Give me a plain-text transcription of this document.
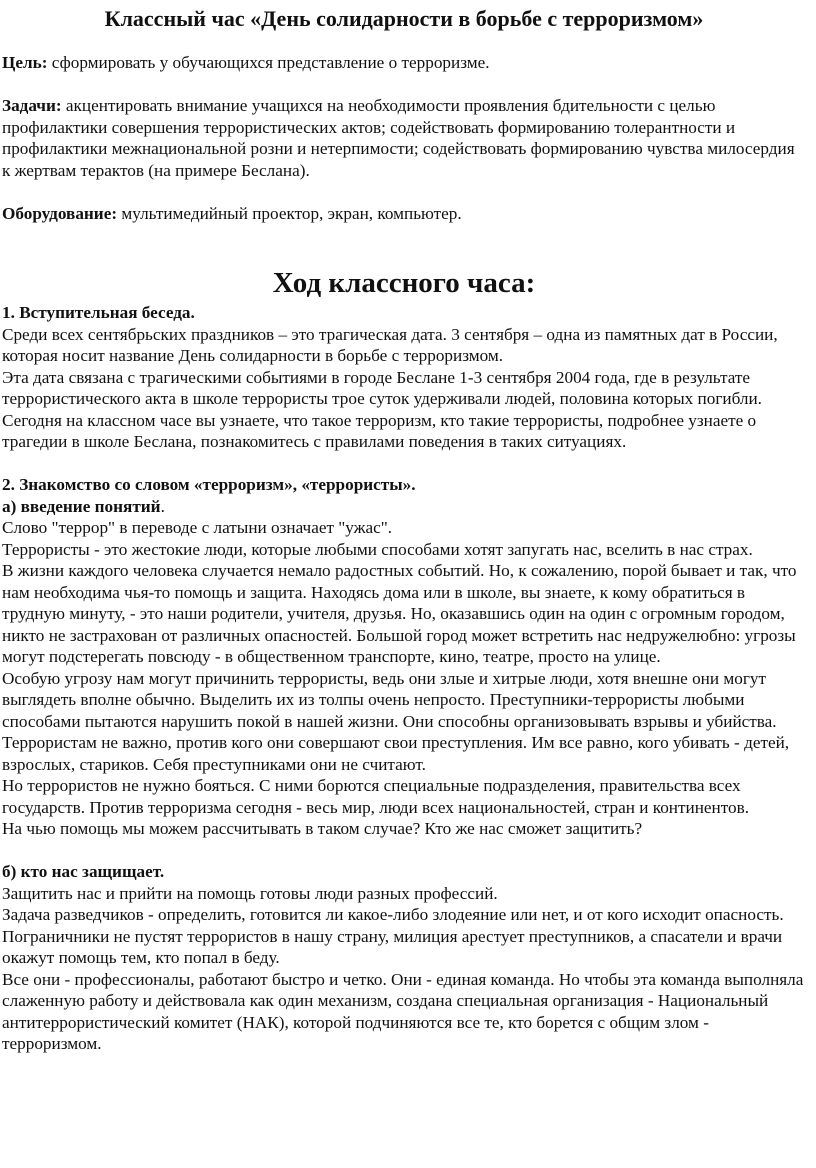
Классный час «День солидарности в борьбе с терроризмом»

Цель: сформировать у обучающихся представление о терроризме.

Задачи: акцентировать внимание учащихся на необходимости проявления бдительности с целью профилактики совершения террористических актов; содействовать формированию толерантности и профилактики межнациональной розни и нетерпимости; содействовать формированию чувства милосердия к жертвам терактов (на примере Беслана).

Оборудование: мультимедийный проектор, экран, компьютер.

Ход классного часа:

1. Вступительная беседа.

Среди всех сентябрьских праздников – это трагическая дата. 3 сентября – одна из памятных дат в России, которая носит название День солидарности в борьбе с терроризмом.

Эта дата связана с трагическими событиями в городе Беслане 1-3 сентября 2004 года, где в результате террористического акта в школе террористы трое суток удерживали людей, половина которых погибли.

Сегодня на классном часе вы узнаете, что такое терроризм, кто такие террористы, подробнее узнаете о трагедии в школе Беслана, познакомитесь с правилами поведения в таких ситуациях.

2. Знакомство со словом «терроризм», «террористы».

а) введение понятий.

Слово "террор" в переводе с латыни означает "ужас".

Террористы - это жестокие люди, которые любыми способами хотят запугать нас, вселить в нас страх.

В жизни каждого человека случается немало радостных событий. Но, к сожалению, порой бывает и так, что нам необходима чья-то помощь и защита. Находясь дома или в школе, вы знаете, к кому обратиться в трудную минуту, - это наши родители, учителя, друзья. Но, оказавшись один на один с огромным городом, никто не застрахован от различных опасностей. Большой город может встретить нас недружелюбно: угрозы могут подстерегать повсюду - в общественном транспорте, кино, театре, просто на улице.

Особую угрозу нам могут причинить террористы, ведь они злые и хитрые люди, хотя внешне они могут выглядеть вполне обычно. Выделить их из толпы очень непросто. Преступники-террористы любыми способами пытаются нарушить покой в нашей жизни. Они способны организовывать взрывы и убийства. Террористам не важно, против кого они совершают свои преступления. Им все равно, кого убивать - детей, взрослых, стариков. Себя преступниками они не считают.

Но террористов не нужно бояться. С ними борются специальные подразделения, правительства всех государств. Против терроризма сегодня - весь мир, люди всех национальностей, стран и континентов.

На чью помощь мы можем рассчитывать в таком случае? Кто же нас сможет защитить?

б) кто нас защищает.

Защитить нас и прийти на помощь готовы люди разных профессий.

Задача разведчиков - определить, готовится ли какое-либо злодеяние или нет, и от кого исходит опасность.

Пограничники не пустят террористов в нашу страну, милиция арестует преступников, а спасатели и врачи окажут помощь тем, кто попал в беду.

Все они - профессионалы, работают быстро и четко. Они - единая команда. Но чтобы эта команда выполняла слаженную работу и действовала как один механизм, создана специальная организация - Национальный антитеррористический комитет (НАК), которой подчиняются все те, кто борется с общим злом - терроризмом.
